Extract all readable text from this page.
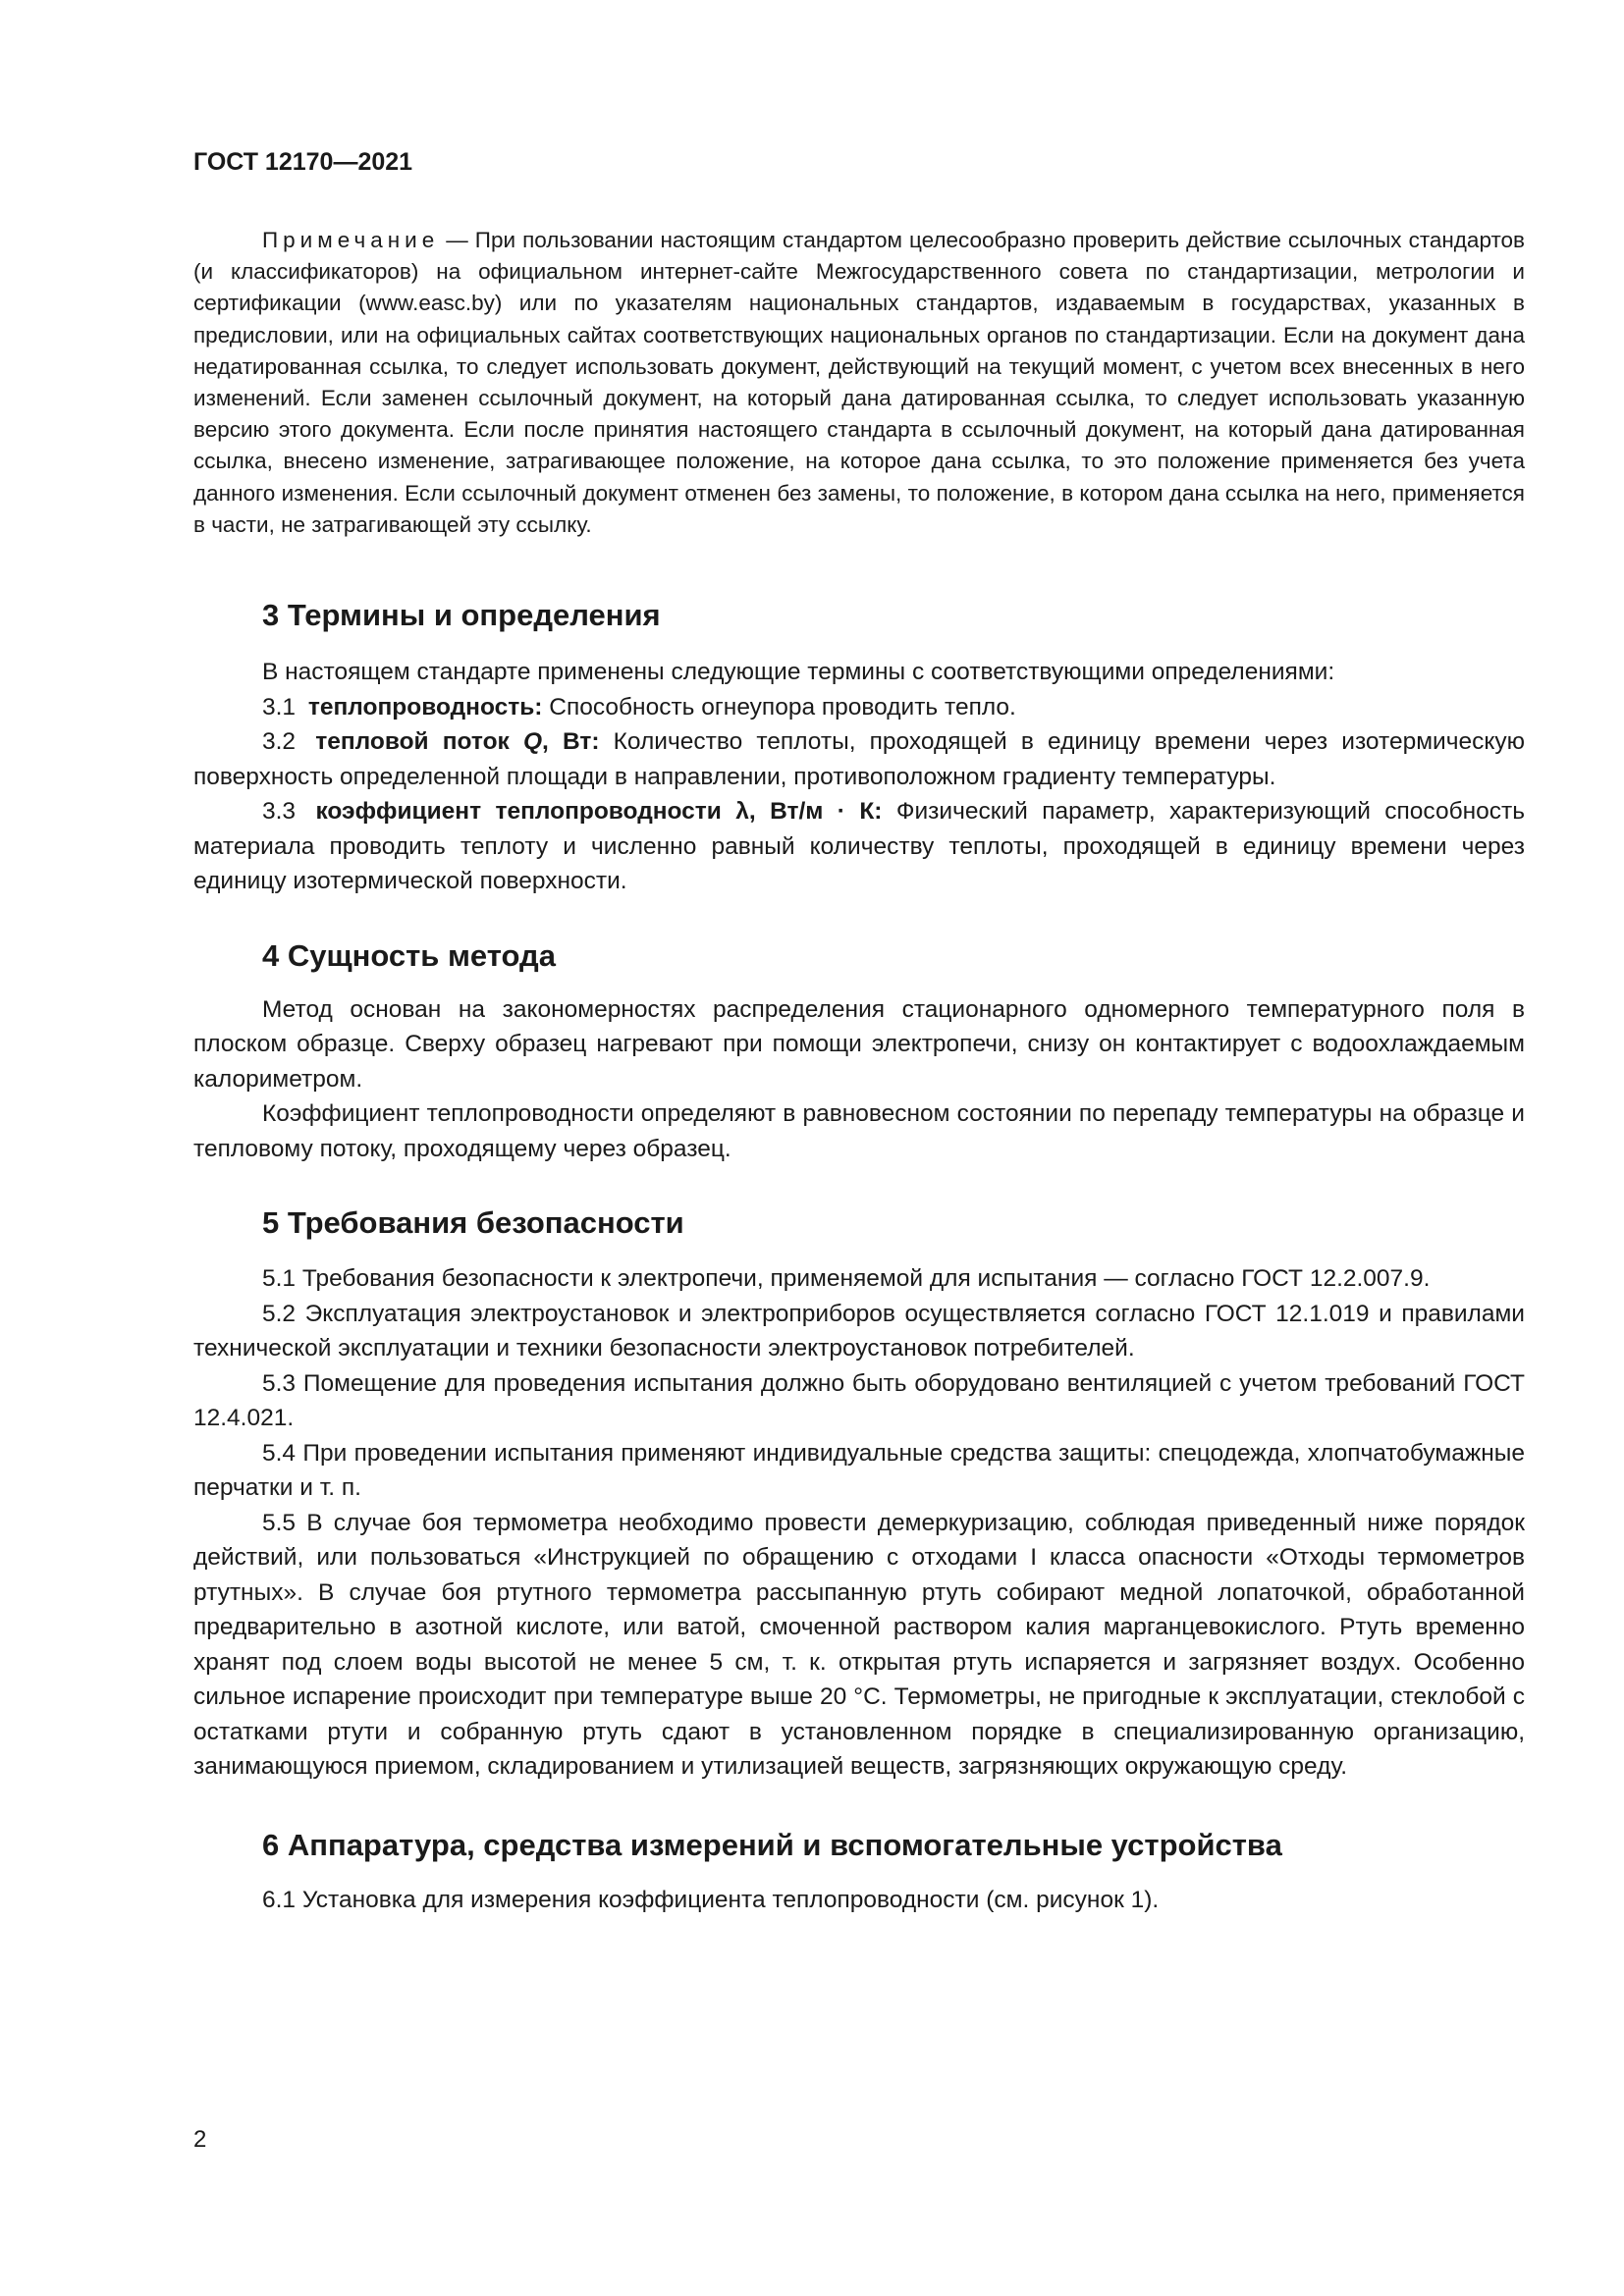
ГОСТ 12170—2021

Примечание — При пользовании настоящим стандартом целесообразно проверить действие ссылочных стандартов (и классификаторов) на официальном интернет-сайте Межгосударственного совета по стандартизации, метрологии и сертификации (www.easc.by) или по указателям национальных стандартов, издаваемым в государствах, указанных в предисловии, или на официальных сайтах соответствующих национальных органов по стандартизации. Если на документ дана недатированная ссылка, то следует использовать документ, действующий на текущий момент, с учетом всех внесенных в него изменений. Если заменен ссылочный документ, на который дана датированная ссылка, то следует использовать указанную версию этого документа. Если после принятия настоящего стандарта в ссылочный документ, на который дана датированная ссылка, внесено изменение, затрагивающее положение, на которое дана ссылка, то это положение применяется без учета данного изменения. Если ссылочный документ отменен без замены, то положение, в котором дана ссылка на него, применяется в части, не затрагивающей эту ссылку.

3 Термины и определения

В настоящем стандарте применены следующие термины с соответствующими определениями:

3.1 теплопроводность: Способность огнеупора проводить тепло.

3.2 тепловой поток Q, Вт: Количество теплоты, проходящей в единицу времени через изотермическую поверхность определенной площади в направлении, противоположном градиенту температуры.

3.3 коэффициент теплопроводности λ, Вт/м · К: Физический параметр, характеризующий способность материала проводить теплоту и численно равный количеству теплоты, проходящей в единицу времени через единицу изотермической поверхности.

4 Сущность метода

Метод основан на закономерностях распределения стационарного одномерного температурного поля в плоском образце. Сверху образец нагревают при помощи электропечи, снизу он контактирует с водоохлаждаемым калориметром.

Коэффициент теплопроводности определяют в равновесном состоянии по перепаду температуры на образце и тепловому потоку, проходящему через образец.

5 Требования безопасности

5.1 Требования безопасности к электропечи, применяемой для испытания — согласно ГОСТ 12.2.007.9.

5.2 Эксплуатация электроустановок и электроприборов осуществляется согласно ГОСТ 12.1.019 и правилами технической эксплуатации и техники безопасности электроустановок потребителей.

5.3 Помещение для проведения испытания должно быть оборудовано вентиляцией с учетом требований ГОСТ 12.4.021.

5.4 При проведении испытания применяют индивидуальные средства защиты: спецодежда, хлопчатобумажные перчатки и т. п.

5.5 В случае боя термометра необходимо провести демеркуризацию, соблюдая приведенный ниже порядок действий, или пользоваться «Инструкцией по обращению с отходами I класса опасности «Отходы термометров ртутных». В случае боя ртутного термометра рассыпанную ртуть собирают медной лопаточкой, обработанной предварительно в азотной кислоте, или ватой, смоченной раствором калия марганцевокислого. Ртуть временно хранят под слоем воды высотой не менее 5 см, т. к. открытая ртуть испаряется и загрязняет воздух. Особенно сильное испарение происходит при температуре выше 20 °С. Термометры, не пригодные к эксплуатации, стеклобой с остатками ртути и собранную ртуть сдают в установленном порядке в специализированную организацию, занимающуюся приемом, складированием и утилизацией веществ, загрязняющих окружающую среду.

6 Аппаратура, средства измерений и вспомогательные устройства

6.1 Установка для измерения коэффициента теплопроводности (см. рисунок 1).

2
